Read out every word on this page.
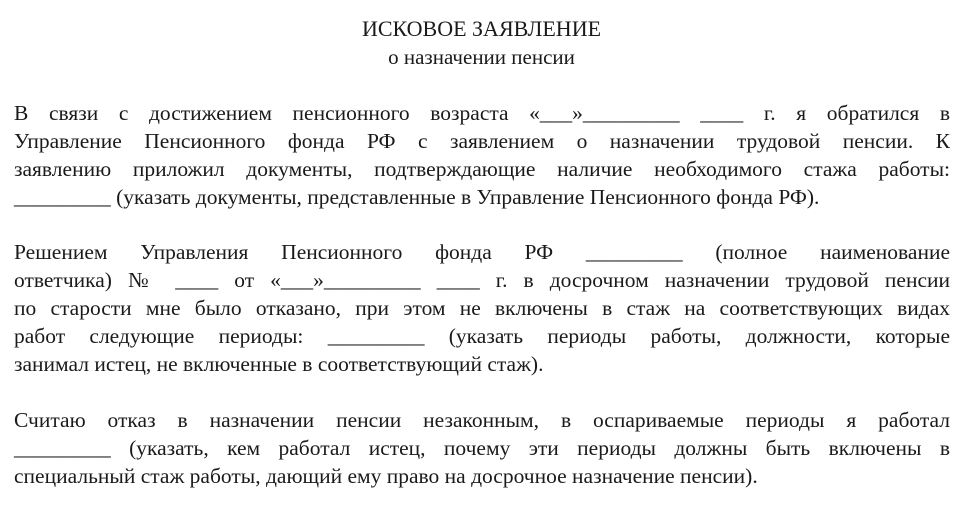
ИСКОВОЕ ЗАЯВЛЕНИЕ
о назначении пенсии
В связи с достижением пенсионного возраста «___»_________ ____ г. я обратился в
Управление Пенсионного фонда РФ с заявлением о назначении трудовой пенсии. К
заявлению приложил документы, подтверждающие наличие необходимого стажа работы:
_________ (указать документы, представленные в Управление Пенсионного фонда РФ).
Решением Управления Пенсионного фонда РФ _________ (полное наименование
ответчика) № ____ от «___»_________ ____ г. в досрочном назначении трудовой пенсии
по старости мне было отказано, при этом не включены в стаж на соответствующих видах
работ следующие периоды: _________ (указать периоды работы, должности, которые
занимал истец, не включенные в соответствующий стаж).
Считаю отказ в назначении пенсии незаконным, в оспариваемые периоды я работал
_________ (указать, кем работал истец, почему эти периоды должны быть включены в
специальный стаж работы, дающий ему право на досрочное назначение пенсии).
